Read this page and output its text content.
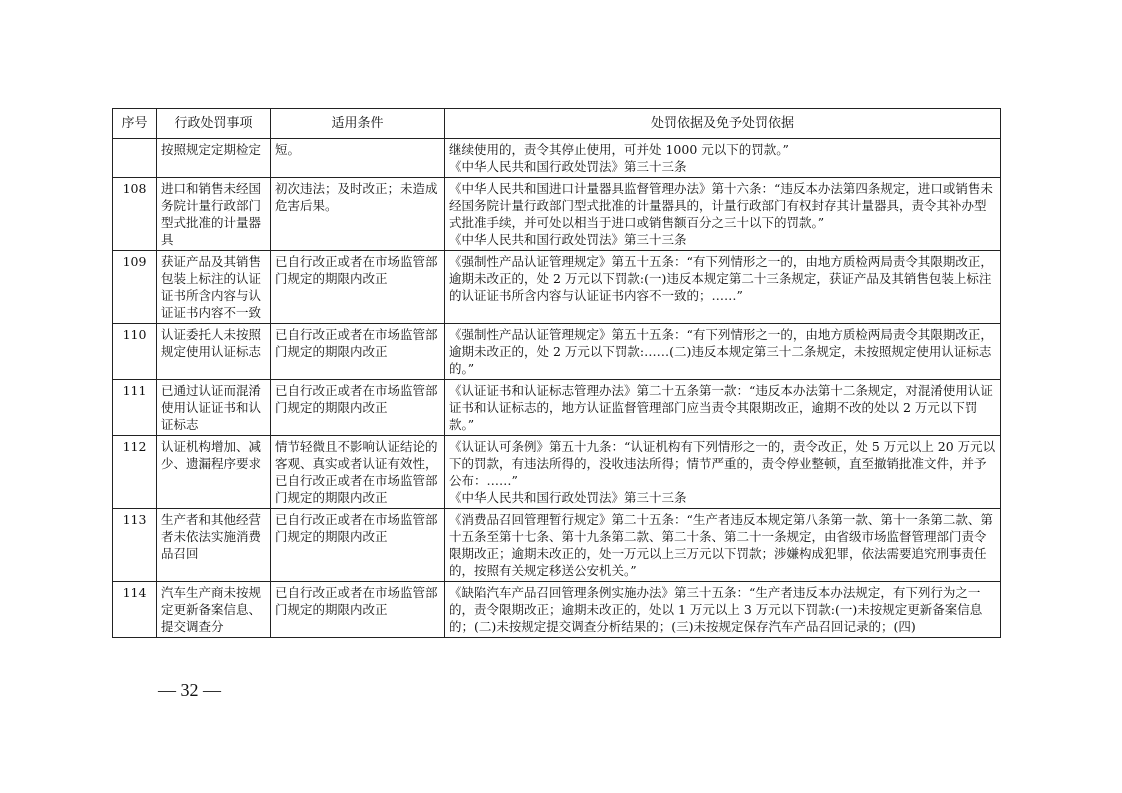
序号	行政处罚事项	适用条件	处罚依据及免予处罚依据
	按照规定定期检定	短。	继续使用的，责令其停止使用，可并处 1000 元以下的罚款。”
《中华人民共和国行政处罚法》第三十三条

108	进口和销售未经国务院计量行政部门型式批准的计量器具	初次违法；及时改正；未造成危害后果。	《中华人民共和国进口计量器具监督管理办法》第十六条：“违反本办法第四条规定，进口或销售未经国务院计量行政部门型式批准的计量器具的，计量行政部门有权封存其计量器具，责令其补办型式批准手续，并可处以相当于进口或销售额百分之三十以下的罚款。”
《中华人民共和国行政处罚法》第三十三条

109	获证产品及其销售包装上标注的认证证书所含内容与认证证书内容不一致	已自行改正或者在市场监管部门规定的期限内改正	《强制性产品认证管理规定》第五十五条：“有下列情形之一的，由地方质检两局责令其限期改正，逾期未改正的，处 2 万元以下罚款:(一)违反本规定第二十三条规定，获证产品及其销售包装上标注的认证证书所含内容与认证证书内容不一致的；……”

110	认证委托人未按照规定使用认证标志	已自行改正或者在市场监管部门规定的期限内改正	《强制性产品认证管理规定》第五十五条：“有下列情形之一的，由地方质检两局责令其限期改正，逾期未改正的，处 2 万元以下罚款:……(二)违反本规定第三十二条规定，未按照规定使用认证标志的。”

111	已通过认证而混淆使用认证证书和认证标志	已自行改正或者在市场监管部门规定的期限内改正	《认证证书和认证标志管理办法》第二十五条第一款：“违反本办法第十二条规定，对混淆使用认证证书和认证标志的，地方认证监督管理部门应当责令其限期改正，逾期不改的处以 2 万元以下罚款。”

112	认证机构增加、减少、遗漏程序要求	情节轻微且不影响认证结论的客观、真实或者认证有效性，已自行改正或者在市场监管部门规定的期限内改正	《认证认可条例》第五十九条：“认证机构有下列情形之一的，责令改正，处 5 万元以上 20 万元以下的罚款，有违法所得的，没收违法所得；情节严重的，责令停业整顿，直至撤销批准文件，并予公布：……”
《中华人民共和国行政处罚法》第三十三条

113	生产者和其他经营者未依法实施消费品召回	已自行改正或者在市场监管部门规定的期限内改正	《消费品召回管理暂行规定》第二十五条：“生产者违反本规定第八条第一款、第十一条第二款、第十五条至第十七条、第十九条第二款、第二十条、第二十一条规定，由省级市场监督管理部门责令限期改正；逾期未改正的，处一万元以上三万元以下罚款；涉嫌构成犯罪，依法需要追究刑事责任的，按照有关规定移送公安机关。”

114	汽车生产商未按规定更新备案信息、提交调查分	已自行改正或者在市场监管部门规定的期限内改正	《缺陷汽车产品召回管理条例实施办法》第三十五条：“生产者违反本办法规定，有下列行为之一的，责令限期改正；逾期未改正的，处以 1 万元以上 3 万元以下罚款:(一)未按规定更新备案信息的；(二)未按规定提交调查分析结果的；(三)未按规定保存汽车产品召回记录的；(四)
— 32 —
